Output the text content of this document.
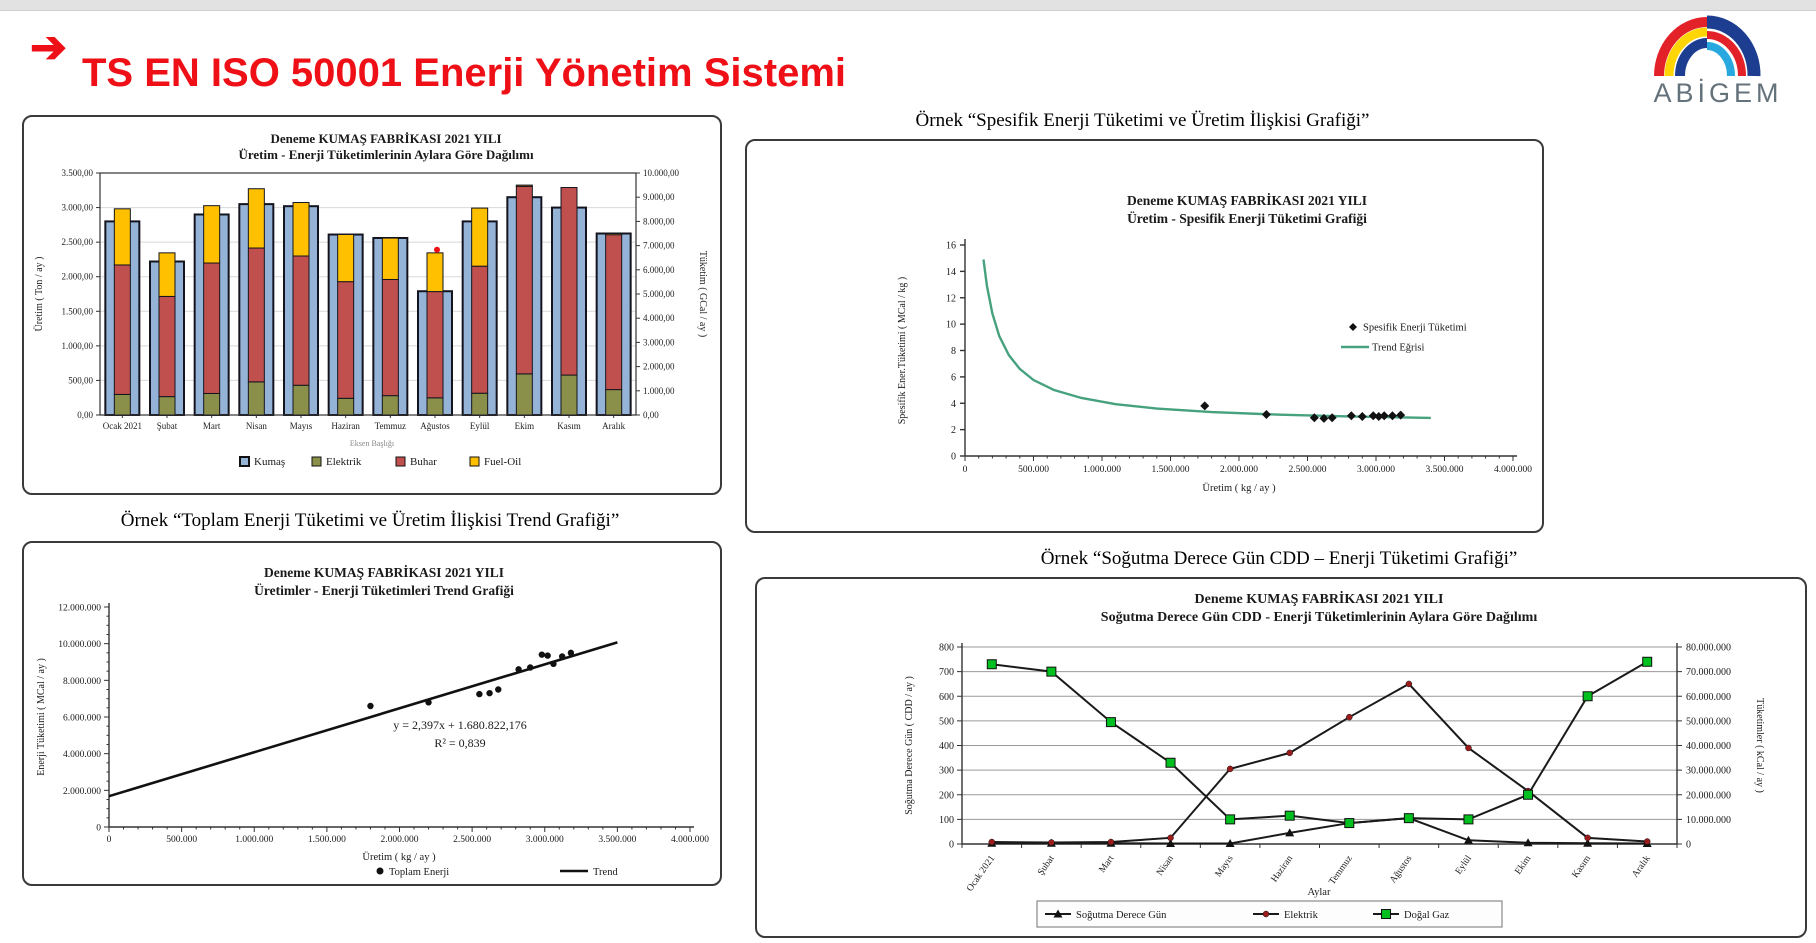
➔
TS EN ISO 50001 Enerji Yönetim Sistemi	ABİGEM
Deneme KUMAŞ FABRİKASI 2021 YILI
Üretim - Enerji Tüketimlerinin Aylara Göre Dağılımı
Ocak 2021 Şubat	Mart	Nisan	Mayıs Haziran Temmuz Ağustos Eylül	Ekim	Kasım Aralık
0,00
500,00
1.000,00
1.500,00
2.000,00
2.500,00
3.000,00
3.500,00
0,00
1.000,00
2.000,00
3.000,00
4.000,00
5.000,00
6.000,00
7.000,00
8.000,00
9.000,00
10.000,00
Üretim ( Ton / ay )	Tüketim ( GCal / ay )
Eksen Başlığı
Kumaş	Elektrik	Buhar	Fuel-Oil
Örnek “Spesifik Enerji Tüketimi ve Üretim İlişkisi Grafiği”
Deneme KUMAŞ FABRİKASI 2021 YILI
Üretim - Spesifik Enerji Tüketimi Grafiği
0
2
4
6
8
10
12
14
16
0	500.000	1.000.000	1.500.000	2.000.000	2.500.000	3.000.000	3.500.000	4.000.000
Üretim ( kg / ay )
Spesifik Ener.Tüketimi ( MCal / kg )	Spesifik Enerji Tüketimi
Trend Eğrisi
Örnek “Toplam Enerji Tüketimi ve Üretim İlişkisi Trend Grafiği”
Deneme KUMAŞ FABRİKASI 2021 YILI
Üretimler - Enerji Tüketimleri Trend Grafiği
0
2.000.000
4.000.000
6.000.000
8.000.000
10.000.000
12.000.000
0	500.000	1.000.000	1.500.000	2.000.000	2.500.000	3.000.000	3.500.000	4.000.000
Üretim ( kg / ay )
Enerji Tüketimi ( MCal / ay )	y = 2,397x + 1.680.822,176
R² = 0,839
Toplam Enerji	Trend
Örnek “Soğutma Derece Gün CDD – Enerji Tüketimi Grafiği”
Deneme KUMAŞ FABRİKASI 2021 YILI
Soğutma Derece Gün CDD - Enerji Tüketimlerinin Aylara Göre Dağılımı
0
100
200
300
400
500
600
700
800
0
10.000.000
20.000.000
30.000.000
40.000.000
50.000.000
60.000.000
70.000.000
80.000.000
Ocak 2021	Şubat	Mart	Nisan	Mayıs	Haziran	Temmuz	Ağustos	Eylül	Ekim	Kasım	Aralık
Aylar
Soğutma Derece Gün ( CDD / ay )	Tüketimler ( kCal / ay )
Soğutma Derece Gün	Elektrik	Doğal Gaz
